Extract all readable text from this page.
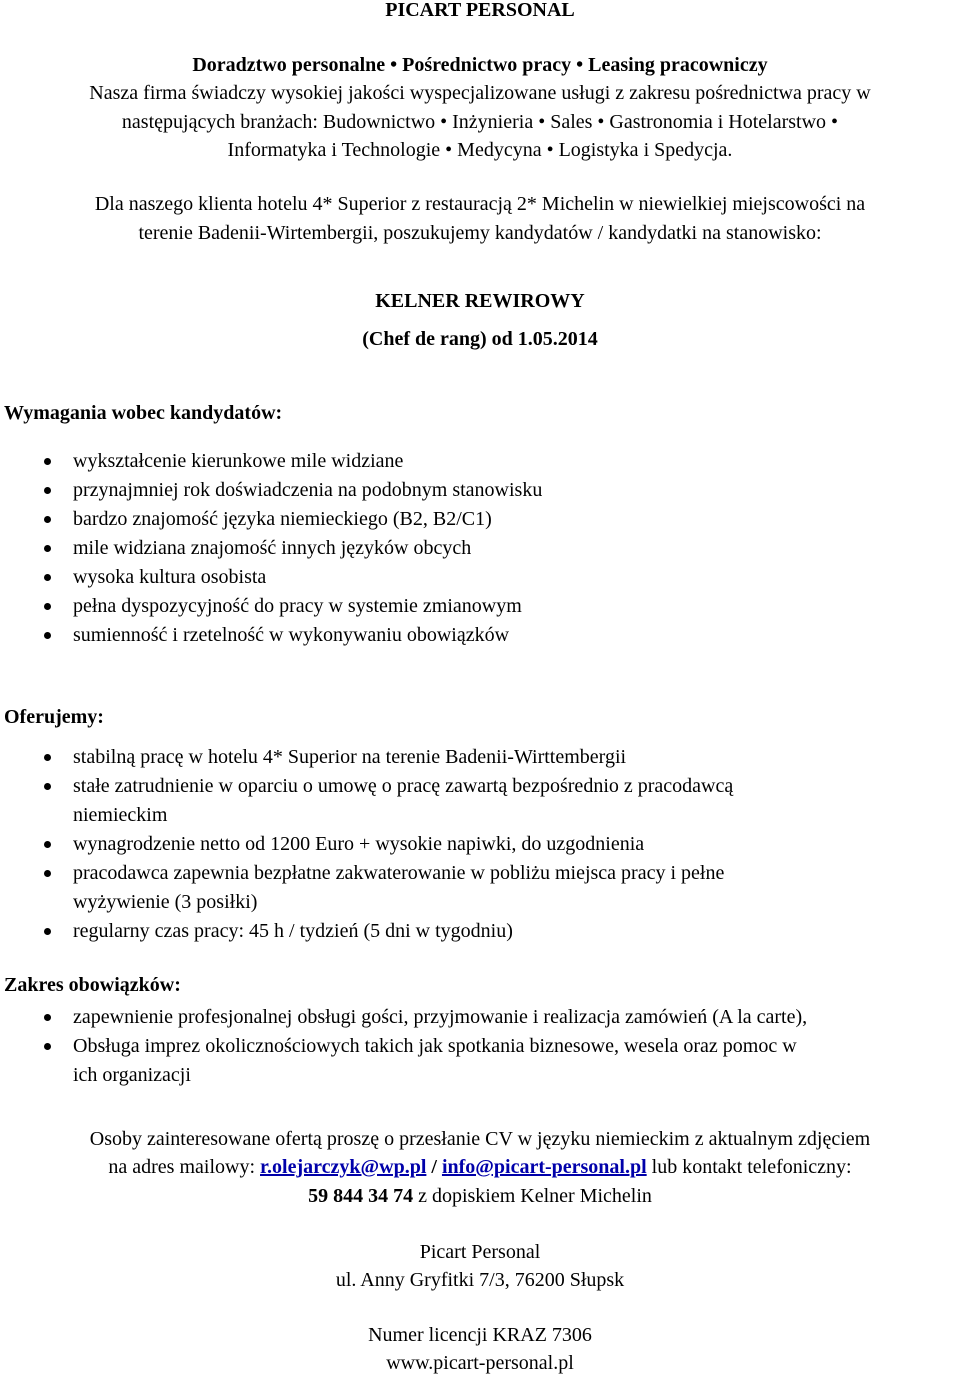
PICART PERSONAL
Doradztwo personalne • Pośrednictwo pracy • Leasing pracowniczy
Nasza firma świadczy wysokiej jakości wyspecjalizowane usługi z zakresu pośrednictwa pracy w
następujących branżach: Budownictwo • Inżynieria • Sales • Gastronomia i Hotelarstwo •
Informatyka i Technologie • Medycyna • Logistyka i Spedycja.
Dla naszego klienta hotelu 4* Superior z restauracją 2* Michelin w niewielkiej miejscowości na
terenie Badenii-Wirtembergii, poszukujemy kandydatów / kandydatki na stanowisko:
KELNER REWIROWY
(Chef de rang) od 1.05.2014
Wymagania wobec kandydatów:
wykształcenie kierunkowe mile widziane
przynajmniej rok doświadczenia na podobnym stanowisku
bardzo znajomość języka niemieckiego (B2, B2/C1)
mile widziana znajomość innych języków obcych
wysoka kultura osobista
pełna dyspozycyjność do pracy w systemie zmianowym
sumienność i rzetelność w wykonywaniu obowiązków
Oferujemy:
stabilną pracę w hotelu 4* Superior na terenie Badenii-Wirttembergii
stałe zatrudnienie w oparciu o umowę o pracę zawartą bezpośrednio z pracodawcą
niemieckim
wynagrodzenie netto od 1200 Euro + wysokie napiwki, do uzgodnienia
pracodawca zapewnia bezpłatne zakwaterowanie w pobliżu miejsca pracy i pełne
wyżywienie (3 posiłki)
regularny czas pracy: 45 h / tydzień (5 dni w tygodniu)
Zakres obowiązków:
zapewnienie profesjonalnej obsługi gości, przyjmowanie i realizacja zamówień (A la carte),
Obsługa imprez okolicznościowych takich jak spotkania biznesowe, wesela oraz pomoc w
ich organizacji
Osoby zainteresowane ofertą proszę o przesłanie CV w języku niemieckim z aktualnym zdjęciem
na adres mailowy: r.olejarczyk@wp.pl / info@picart-personal.pl lub kontakt telefoniczny:
59 844 34 74 z dopiskiem Kelner Michelin
Picart Personal
ul. Anny Gryfitki 7/3, 76200 Słupsk
Numer licencji KRAZ 7306
www.picart-personal.pl
